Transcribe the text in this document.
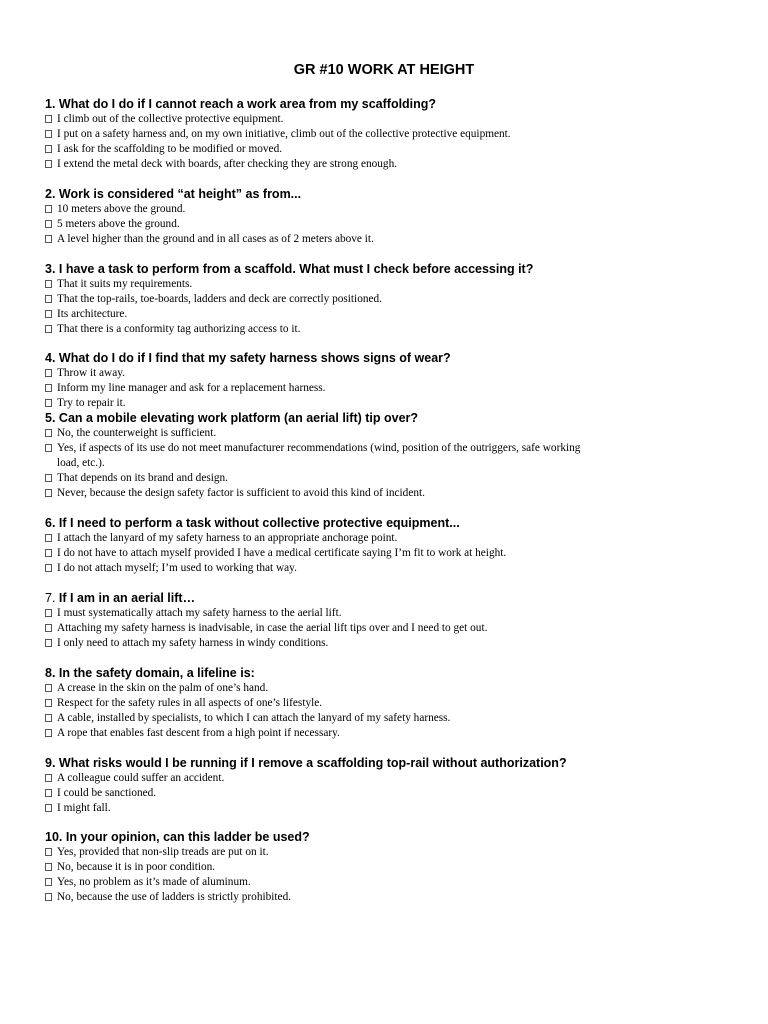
GR #10 WORK AT HEIGHT
1. What do I do if I cannot reach a work area from my scaffolding?
I climb out of the collective protective equipment.
I put on a safety harness and, on my own initiative, climb out of the collective protective equipment.
I ask for the scaffolding to be modified or moved.
I extend the metal deck with boards, after checking they are strong enough.
2. Work is considered “at height” as from...
10 meters above the ground.
5 meters above the ground.
A level higher than the ground and in all cases as of 2 meters above it.
3. I have a task to perform from a scaffold. What must I check before accessing it?
That it suits my requirements.
That the top-rails, toe-boards, ladders and deck are correctly positioned.
Its architecture.
That there is a conformity tag authorizing access to it.
4. What do I do if I find that my safety harness shows signs of wear?
Throw it away.
Inform my line manager and ask for a replacement harness.
Try to repair it.
5. Can a mobile elevating work platform (an aerial lift) tip over?
No, the counterweight is sufficient.
Yes, if aspects of its use do not meet manufacturer recommendations (wind, position of the outriggers, safe working
load, etc.).
That depends on its brand and design.
Never, because the design safety factor is sufficient to avoid this kind of incident.
6. If I need to perform a task without collective protective equipment...
I attach the lanyard of my safety harness to an appropriate anchorage point.
I do not have to attach myself provided I have a medical certificate saying I’m fit to work at height.
I do not attach myself; I’m used to working that way.
7. If I am in an aerial lift…
I must systematically attach my safety harness to the aerial lift.
Attaching my safety harness is inadvisable, in case the aerial lift tips over and I need to get out.
I only need to attach my safety harness in windy conditions.
8. In the safety domain, a lifeline is:
A crease in the skin on the palm of one’s hand.
Respect for the safety rules in all aspects of one’s lifestyle.
A cable, installed by specialists, to which I can attach the lanyard of my safety harness.
A rope that enables fast descent from a high point if necessary.
9. What risks would I be running if I remove a scaffolding top-rail without authorization?
A colleague could suffer an accident.
I could be sanctioned.
I might fall.
10. In your opinion, can this ladder be used?
Yes, provided that non-slip treads are put on it.
No, because it is in poor condition.
Yes, no problem as it’s made of aluminum.
No, because the use of ladders is strictly prohibited.
